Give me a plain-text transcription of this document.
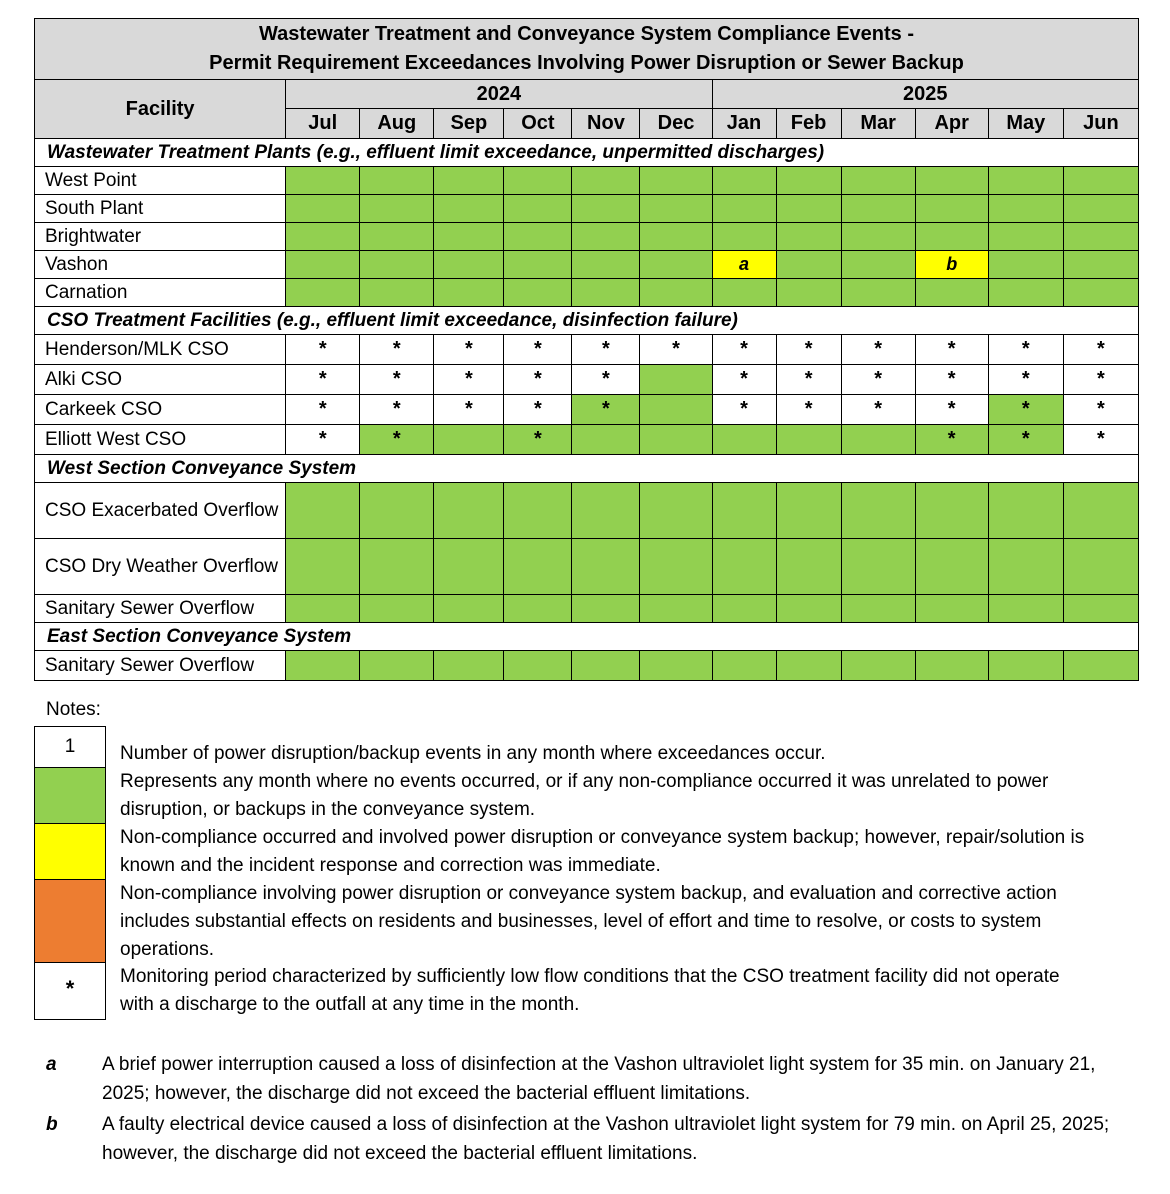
Wastewater Treatment and Conveyance System Compliance Events -
Permit Requirement Exceedances Involving Power Disruption or Sewer Backup												

Facility	2024						2025					
	Jul	Aug	Sep	Oct	Nov	Dec	Jan	Feb	Mar	Apr	May	Jun
Wastewater Treatment Plants (e.g., effluent limit exceedance, unpermitted discharges)												
West Point												
South Plant												
Brightwater												
Vashon							a			b		
Carnation												
CSO Treatment Facilities (e.g., effluent limit exceedance, disinfection failure)												
Henderson/MLK CSO	*	*	*	*	*	*	*	*	*	*	*	*
Alki CSO	*	*	*	*	*		*	*	*	*	*	*
Carkeek CSO	*	*	*	*	*		*	*	*	*	*	*
Elliott West CSO	*	*		*						*	*	*
West Section Conveyance System												
CSO Exacerbated Overflow												
CSO Dry Weather Overflow												
Sanitary Sewer Overflow												
East Section Conveyance System												
Sanitary Sewer Overflow												
Notes:
1	Number of power disruption/backup events in any month where exceedances occur.
Represents any month where no events occurred, or if any non-compliance occurred it was unrelated to power disruption, or backups in the conveyance system.
Non-compliance occurred and involved power disruption or conveyance system backup; however, repair/solution is known and the incident response and correction was immediate.
Non-compliance involving power disruption or conveyance system backup, and evaluation and corrective action includes substantial effects on residents and businesses, level of effort and time to resolve, or costs to system operations.
*	Monitoring period characterized by sufficiently low flow conditions that the CSO treatment facility did not operate with a discharge to the outfall at any time in the month.
a A brief power interruption caused a loss of disinfection at the Vashon ultraviolet light system for 35 min. on January 21, 2025; however, the discharge did not exceed the bacterial effluent limitations.
b A faulty electrical device caused a loss of disinfection at the Vashon ultraviolet light system for 79 min. on April 25, 2025; however, the discharge did not exceed the bacterial effluent limitations.
